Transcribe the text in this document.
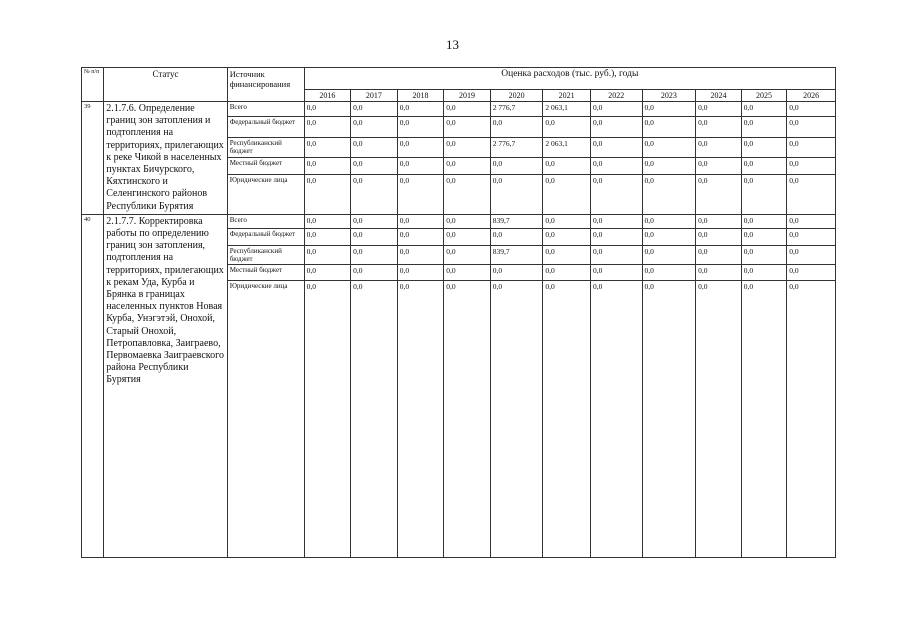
13
№ п/п	Статус	Источник финансирования	Оценка расходов (тыс. руб.), годы										
			2016	2017	2018	2019	2020	2021	2022	2023	2024	2025	2026
39	2.1.7.6. Определение границ зон затопления и подтопления на территориях, прилегающих к реке Чикой в населенных пунктах Бичурского, Кяхтинского и Селенгинского районов Республики Бурятия	Всего	0,0	0,0	0,0	0,0	2 776,7	2 063,1	0,0	0,0	0,0	0,0	0,0
		Федеральный бюджет	0,0	0,0	0,0	0,0	0,0	0,0	0,0	0,0	0,0	0,0	0,0
		Республиканский бюджет	0,0	0,0	0,0	0,0	2 776,7	2 063,1	0,0	0,0	0,0	0,0	0,0
		Местный бюджет	0,0	0,0	0,0	0,0	0,0	0,0	0,0	0,0	0,0	0,0	0,0
		Юридические лица	0,0	0,0	0,0	0,0	0,0	0,0	0,0	0,0	0,0	0,0	0,0
40	2.1.7.7. Корректировка работы по определению границ зон затопления, подтопления на территориях, прилегающих к рекам Уда, Курба и Брянка в границах населенных пунктов Новая Курба, Унэгэтэй, Онохой, Старый Онохой, Петропавловка, Заиграево, Первомаевка Заиграевского района Республики Бурятия	Всего	0,0	0,0	0,0	0,0	839,7	0,0	0,0	0,0	0,0	0,0	0,0
		Федеральный бюджет	0,0	0,0	0,0	0,0	0,0	0,0	0,0	0,0	0,0	0,0	0,0
		Республиканский бюджет	0,0	0,0	0,0	0,0	839,7	0,0	0,0	0,0	0,0	0,0	0,0
		Местный бюджет	0,0	0,0	0,0	0,0	0,0	0,0	0,0	0,0	0,0	0,0	0,0
		Юридические лица	0,0	0,0	0,0	0,0	0,0	0,0	0,0	0,0	0,0	0,0	0,0
